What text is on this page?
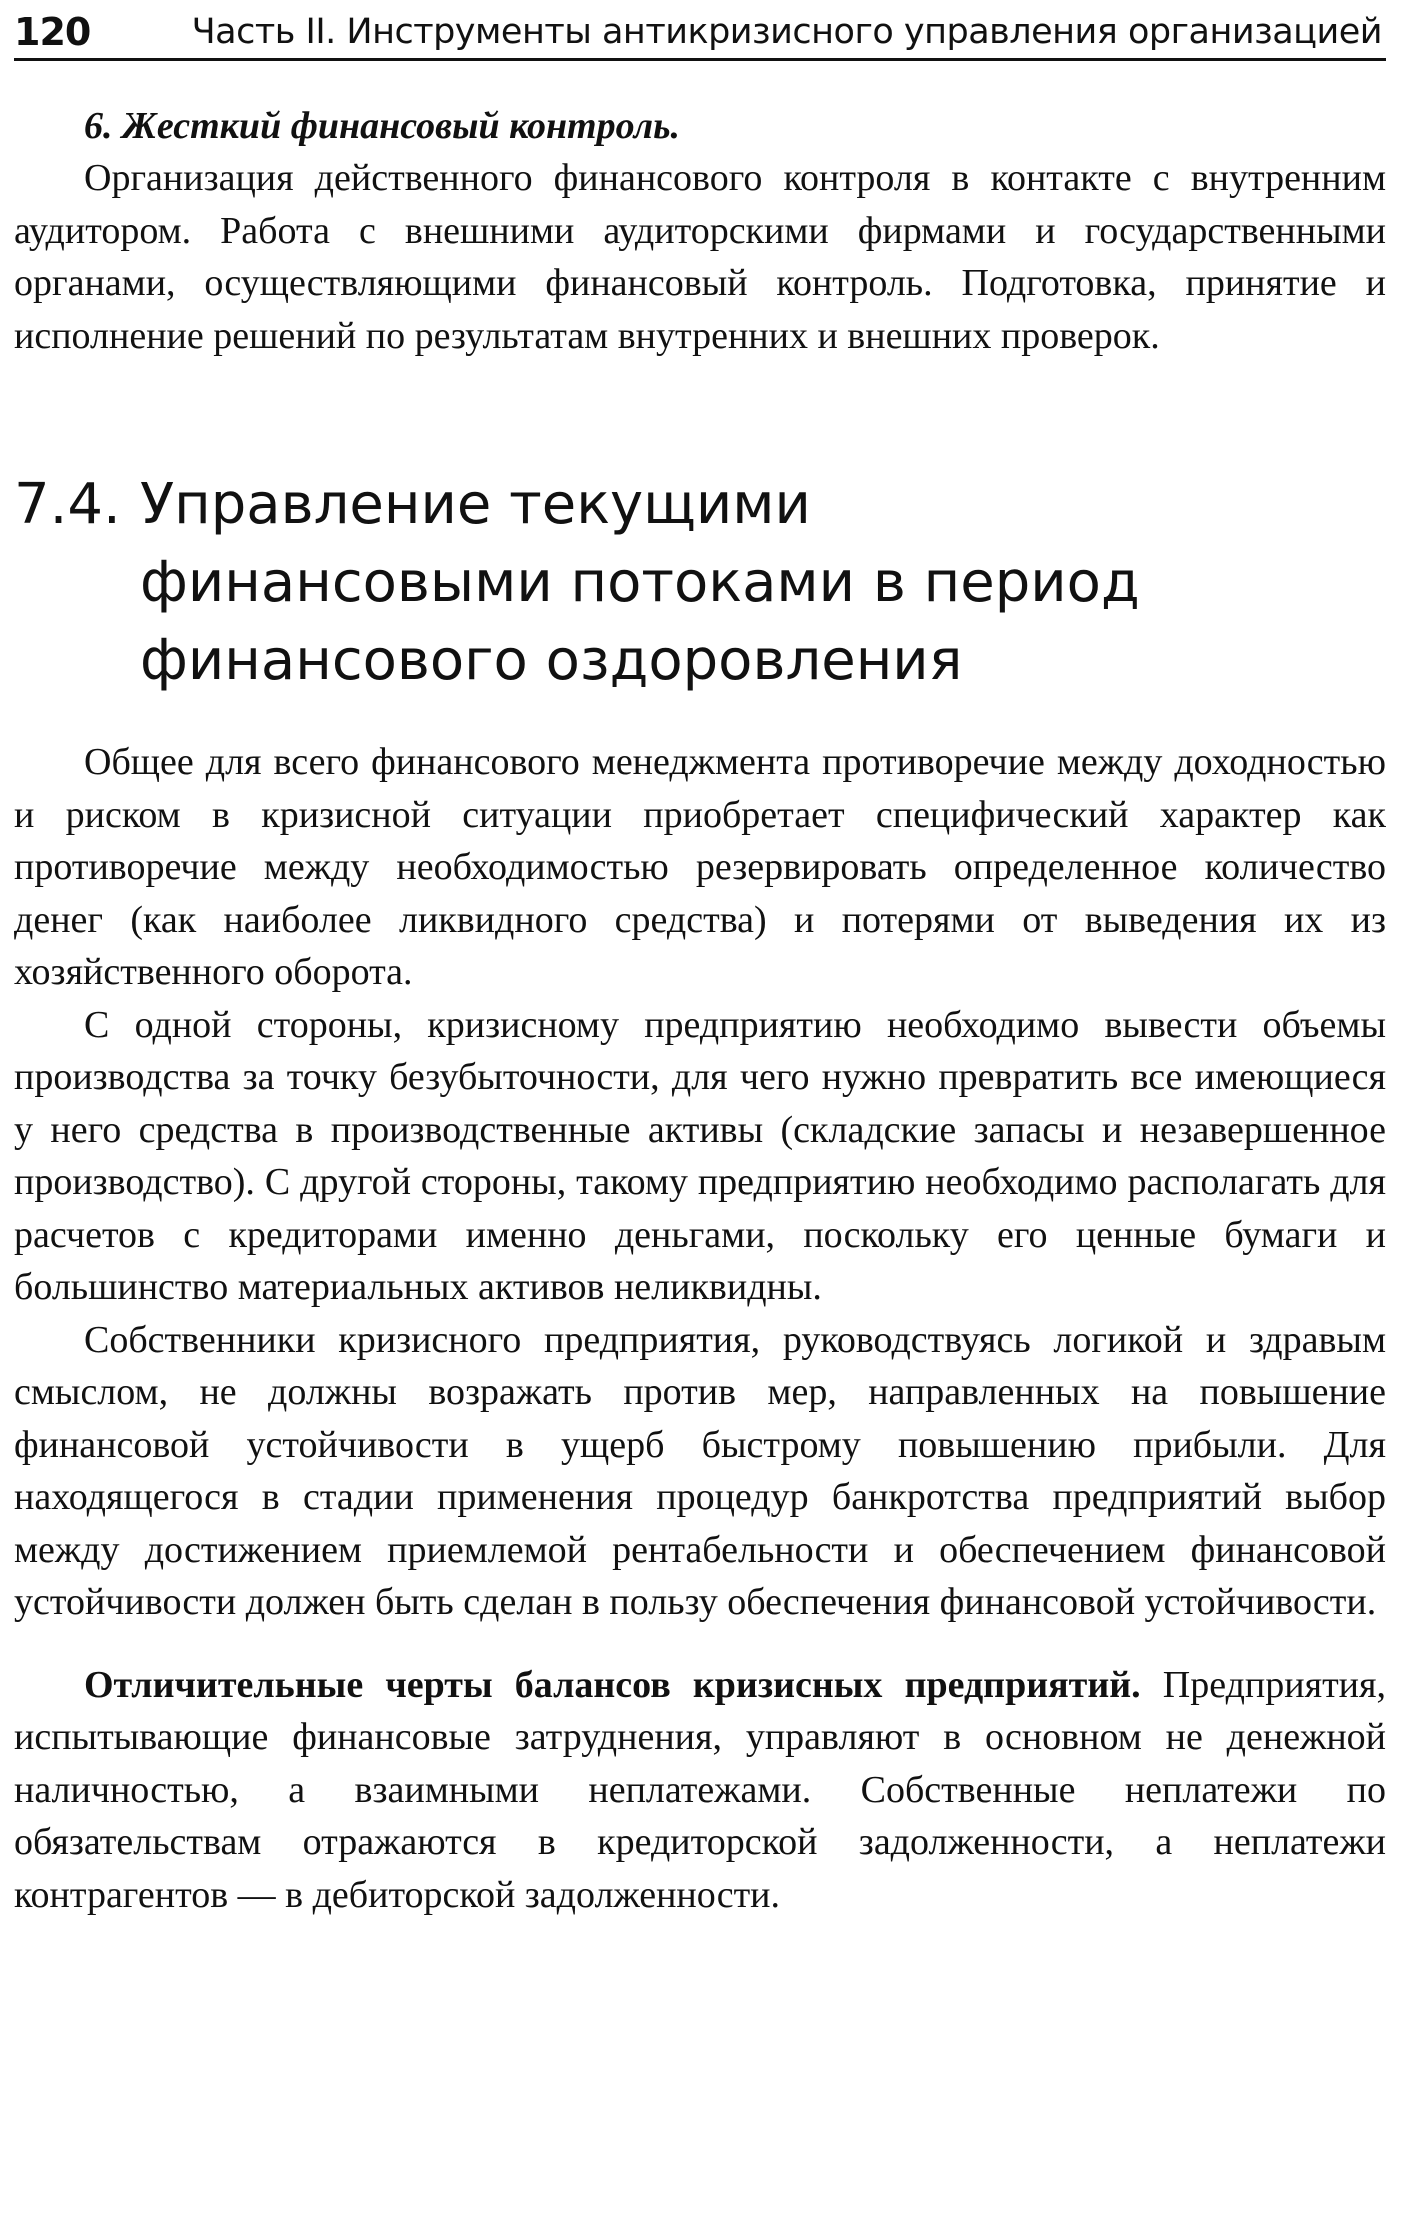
120	Часть II. Инструменты антикризисного управления организацией
6. Жесткий финансовый контроль.

Организация действенного финансового контроля в контакте с внутренним аудитором. Работа с внешними аудиторскими фирмами и государственными органами, осуществляющими финансовый контроль. Подготовка, принятие и исполнение решений по результатам внутренних и внешних проверок.

7.4. Управление текущими финансовыми потоками в период финансового оздоровления

Общее для всего финансового менеджмента противоречие между доходностью и риском в кризисной ситуации приобретает специфический характер как противоречие между необходимостью резервировать определенное количество денег (как наиболее ликвидного средства) и потерями от выведения их из хозяйственного оборота.

С одной стороны, кризисному предприятию необходимо вывести объемы производства за точку безубыточности, для чего нужно превратить все имеющиеся у него средства в производственные активы (складские запасы и незавершенное производство). С другой стороны, такому предприятию необходимо располагать для расчетов с кредиторами именно деньгами, поскольку его ценные бумаги и большинство материальных активов неликвидны.

Собственники кризисного предприятия, руководствуясь логикой и здравым смыслом, не должны возражать против мер, направленных на повышение финансовой устойчивости в ущерб быстрому повышению прибыли. Для находящегося в стадии применения процедур банкротства предприятий выбор между достижением приемлемой рентабельности и обеспечением финансовой устойчивости должен быть сделан в пользу обеспечения финансовой устойчивости.

Отличительные черты балансов кризисных предприятий. Предприятия, испытывающие финансовые затруднения, управляют в основном не денежной наличностью, а взаимными неплатежами. Собственные неплатежи по обязательствам отражаются в кредиторской задолженности, а неплатежи контрагентов — в дебиторской задолженности.
